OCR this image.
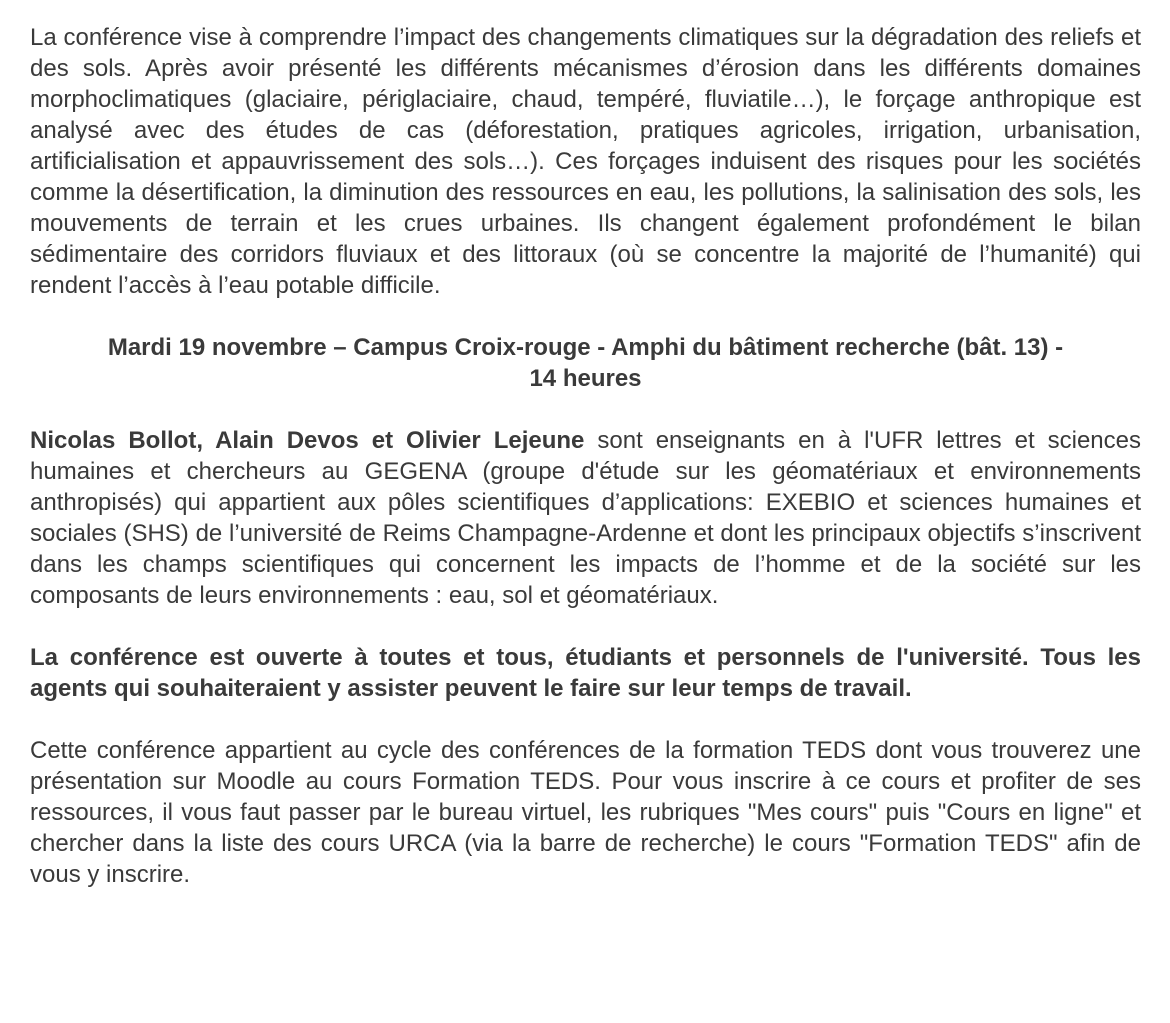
La conférence vise à comprendre l’impact des changements climatiques sur la dégradation des reliefs et des sols. Après avoir présenté les différents mécanismes d’érosion dans les différents domaines morphoclimatiques (glaciaire, périglaciaire, chaud, tempéré, fluviatile…), le forçage anthropique est analysé avec des études de cas (déforestation, pratiques agricoles, irrigation, urbanisation, artificialisation et appauvrissement des sols…). Ces forçages induisent des risques pour les sociétés comme la désertification, la diminution des ressources en eau, les pollutions, la salinisation des sols, les mouvements de terrain et les crues urbaines. Ils changent également profondément le bilan sédimentaire des corridors fluviaux et des littoraux (où se concentre la majorité de l’humanité) qui rendent l’accès à l’eau potable difficile.

Mardi 19 novembre – Campus Croix-rouge - Amphi du bâtiment recherche (bât. 13) -
14 heures

Nicolas Bollot, Alain Devos et Olivier Lejeune sont enseignants en à l'UFR lettres et sciences humaines et chercheurs au GEGENA (groupe d'étude sur les géomatériaux et environnements anthropisés) qui appartient aux pôles scientifiques d’applications: EXEBIO et sciences humaines et sociales (SHS) de l’université de Reims Champagne-Ardenne et dont les principaux objectifs s’inscrivent dans les champs scientifiques qui concernent les impacts de l’homme et de la société sur les composants de leurs environnements : eau, sol et géomatériaux.

La conférence est ouverte à toutes et tous, étudiants et personnels de l'université. Tous les agents qui souhaiteraient y assister peuvent le faire sur leur temps de travail.

Cette conférence appartient au cycle des conférences de la formation TEDS dont vous trouverez une présentation sur Moodle au cours Formation TEDS. Pour vous inscrire à ce cours et profiter de ses ressources, il vous faut passer par le bureau virtuel, les rubriques "Mes cours" puis "Cours en ligne" et chercher dans la liste des cours URCA (via la barre de recherche) le cours "Formation TEDS" afin de vous y inscrire.
